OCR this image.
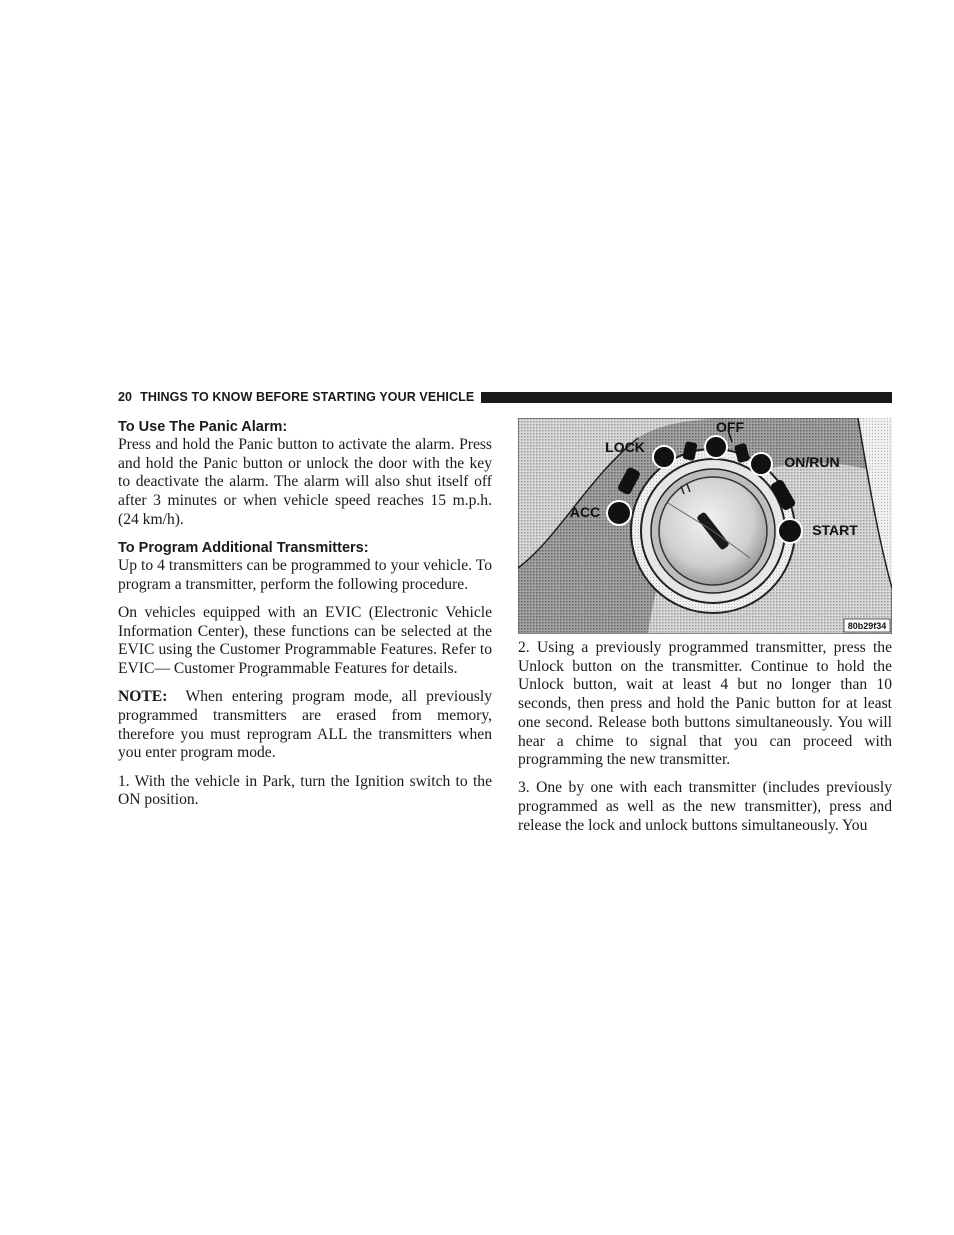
20 THINGS TO KNOW BEFORE STARTING YOUR VEHICLE
To Use The Panic Alarm:

Press and hold the Panic button to activate the alarm. Press and hold the Panic button or unlock the door with the key to deactivate the alarm. The alarm will also shut itself off after 3 minutes or when vehicle speed reaches 15 m.p.h. (24 km/h).

To Program Additional Transmitters:

Up to 4 transmitters can be programmed to your vehicle. To program a transmitter, perform the following procedure.

On vehicles equipped with an EVIC (Electronic Vehicle Information Center), these functions can be selected at the EVIC using the Customer Programmable Features. Refer to EVIC— Customer Programmable Features for details.

NOTE: When entering program mode, all previously programmed transmitters are erased from memory, therefore you must reprogram ALL the transmitters when you enter program mode.

1. With the vehicle in Park, turn the Ignition switch to the ON position.

OFF
LOCK
ON/RUN
ACC
START
80b29f34

2. Using a previously programmed transmitter, press the Unlock button on the transmitter. Continue to hold the Unlock button, wait at least 4 but no longer than 10 seconds, then press and hold the Panic button for at least one second. Release both buttons simultaneously. You will hear a chime to signal that you can proceed with programming the new transmitter.

3. One by one with each transmitter (includes previously programmed as well as the new transmitter), press and release the lock and unlock buttons simultaneously. You
